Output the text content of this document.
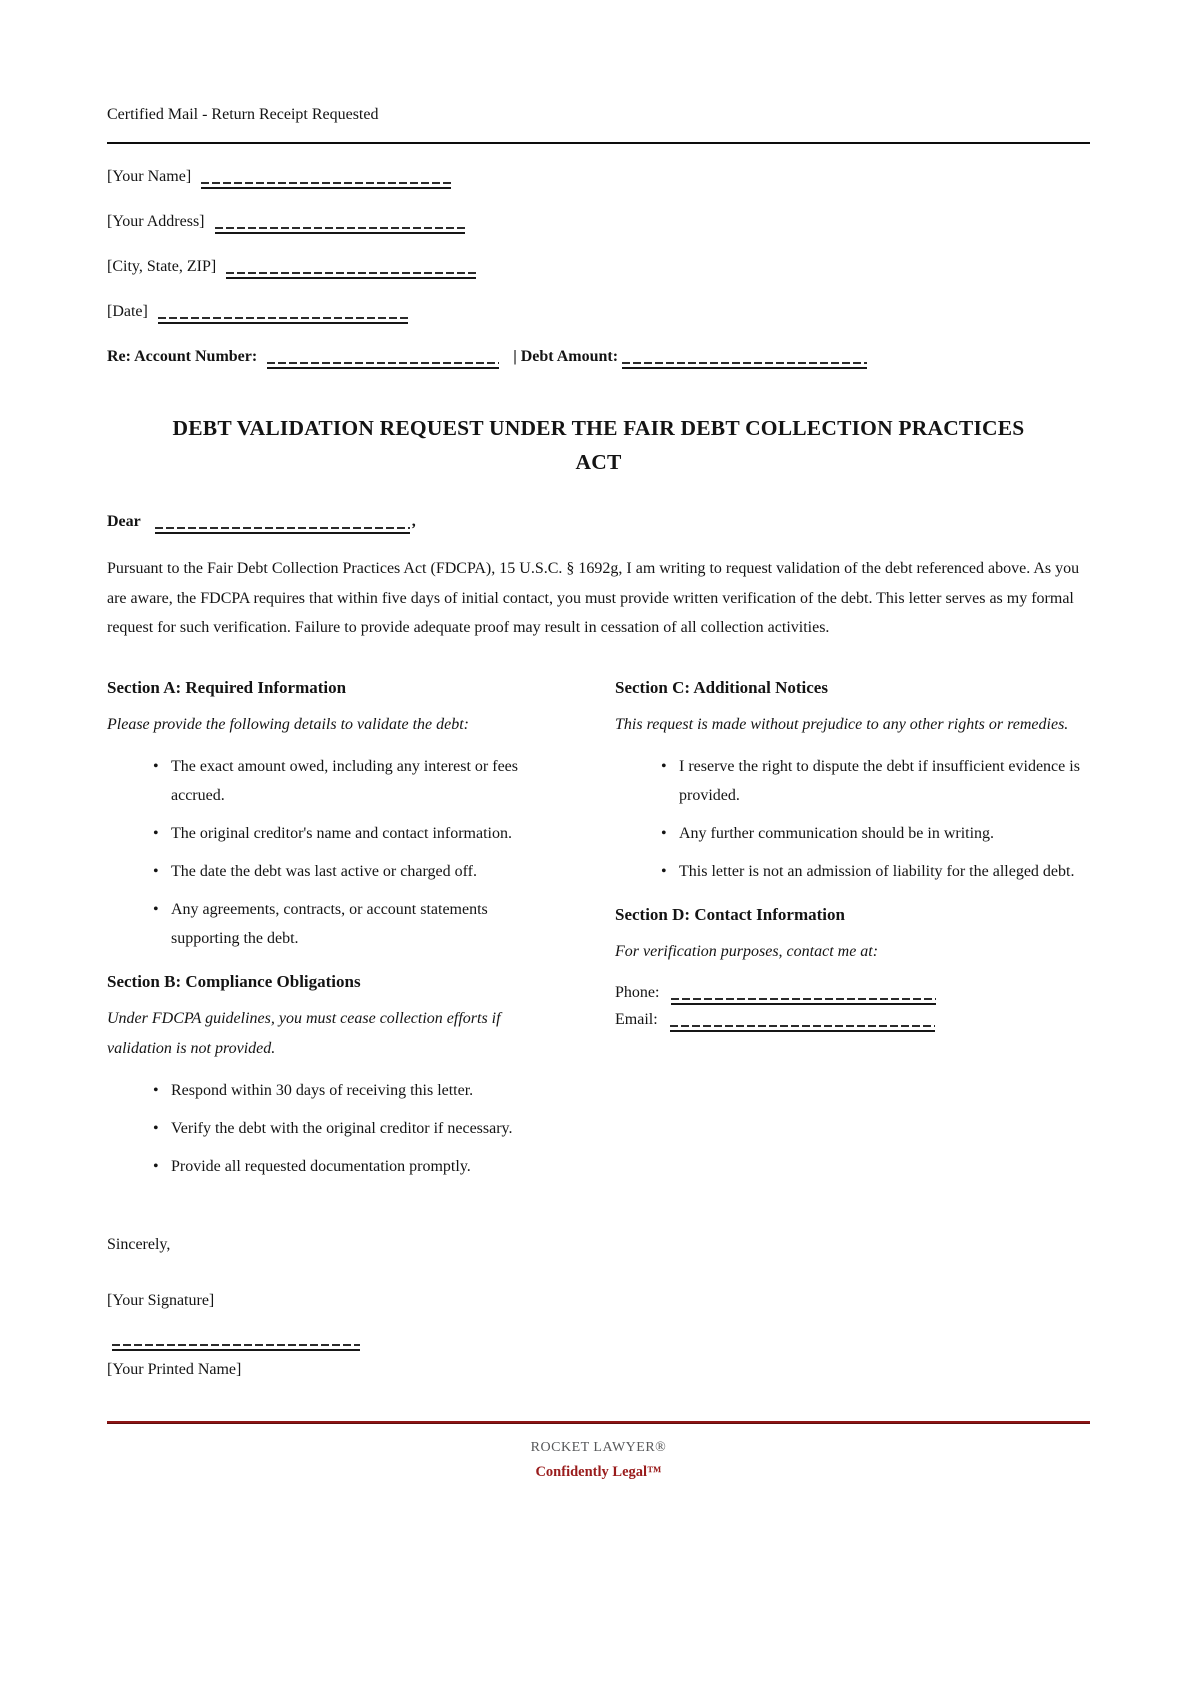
Certified Mail - Return Receipt Requested
[Your Name]
[Your Address]
[City, State, ZIP]
[Date]
Re: Account Number:	| Debt Amount:
DEBT VALIDATION REQUEST UNDER THE FAIR DEBT COLLECTION PRACTICES ACT
Dear	,

Pursuant to the Fair Debt Collection Practices Act (FDCPA), 15 U.S.C. § 1692g, I am writing to request validation of the debt referenced above. As you are aware, the FDCPA requires that within five days of initial contact, you must provide written verification of the debt. This letter serves as my formal request for such verification. Failure to provide adequate proof may result in cessation of all collection activities.

Section A: Required Information
Please provide the following details to validate the debt:
• The exact amount owed, including any interest or fees accrued.
• The original creditor's name and contact information.
• The date the debt was last active or charged off.
• Any agreements, contracts, or account statements supporting the debt.
Section B: Compliance Obligations
Under FDCPA guidelines, you must cease collection efforts if validation is not provided.
• Respond within 30 days of receiving this letter.
• Verify the debt with the original creditor if necessary.
• Provide all requested documentation promptly.
Section C: Additional Notices
This request is made without prejudice to any other rights or remedies.
• I reserve the right to dispute the debt if insufficient evidence is provided.
• Any further communication should be in writing.
• This letter is not an admission of liability for the alleged debt.
Section D: Contact Information
For verification purposes, contact me at:
Phone:
Email:
Sincerely,
[Your Signature]
[Your Printed Name]
ROCKET LAWYER®
Confidently Legal™
